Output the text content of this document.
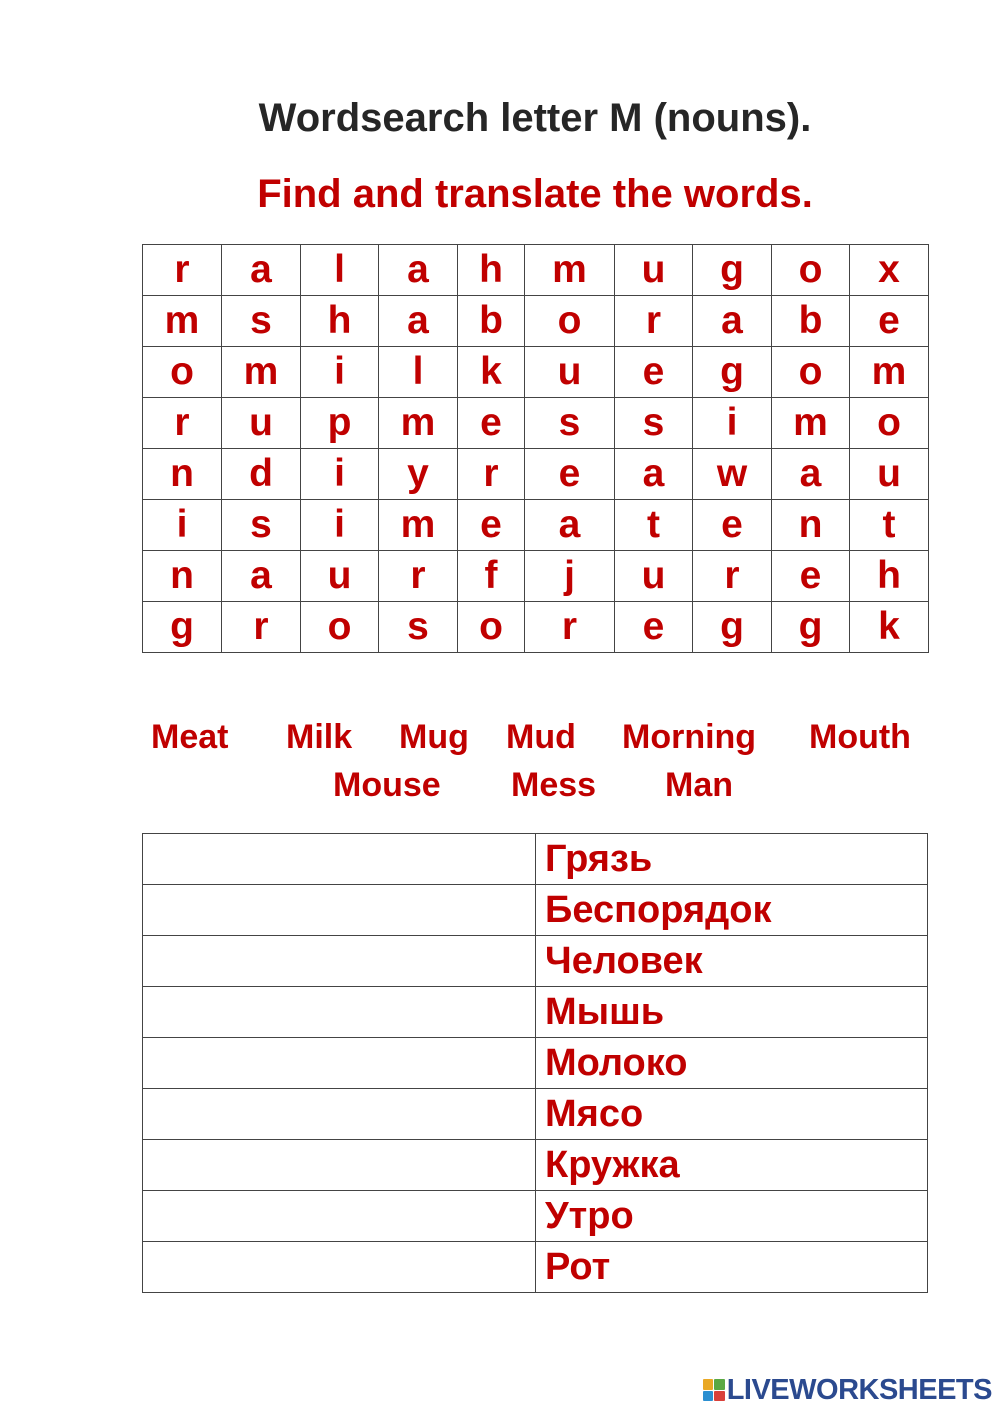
Wordsearch letter M (nouns).
Find and translate the words.
r	a	l	a	h	m	u	g	o	x
m	s	h	a	b	o	r	a	b	e
o	m	i	l	k	u	e	g	o	m
r	u	p	m	e	s	s	i	m	o
n	d	i	y	r	e	a	w	a	u
i	s	i	m	e	a	t	e	n	t
n	a	u	r	f	j	u	r	e	h
g	r	o	s	o	r	e	g	g	k
Meat Milk Mug Mud Morning Mouth
Mouse Mess Man
	Грязь
	Беспорядок
	Человек
	Мышь
	Молоко
	Мясо
	Кружка
	Утро
	Рот
LIVEWORKSHEETS
